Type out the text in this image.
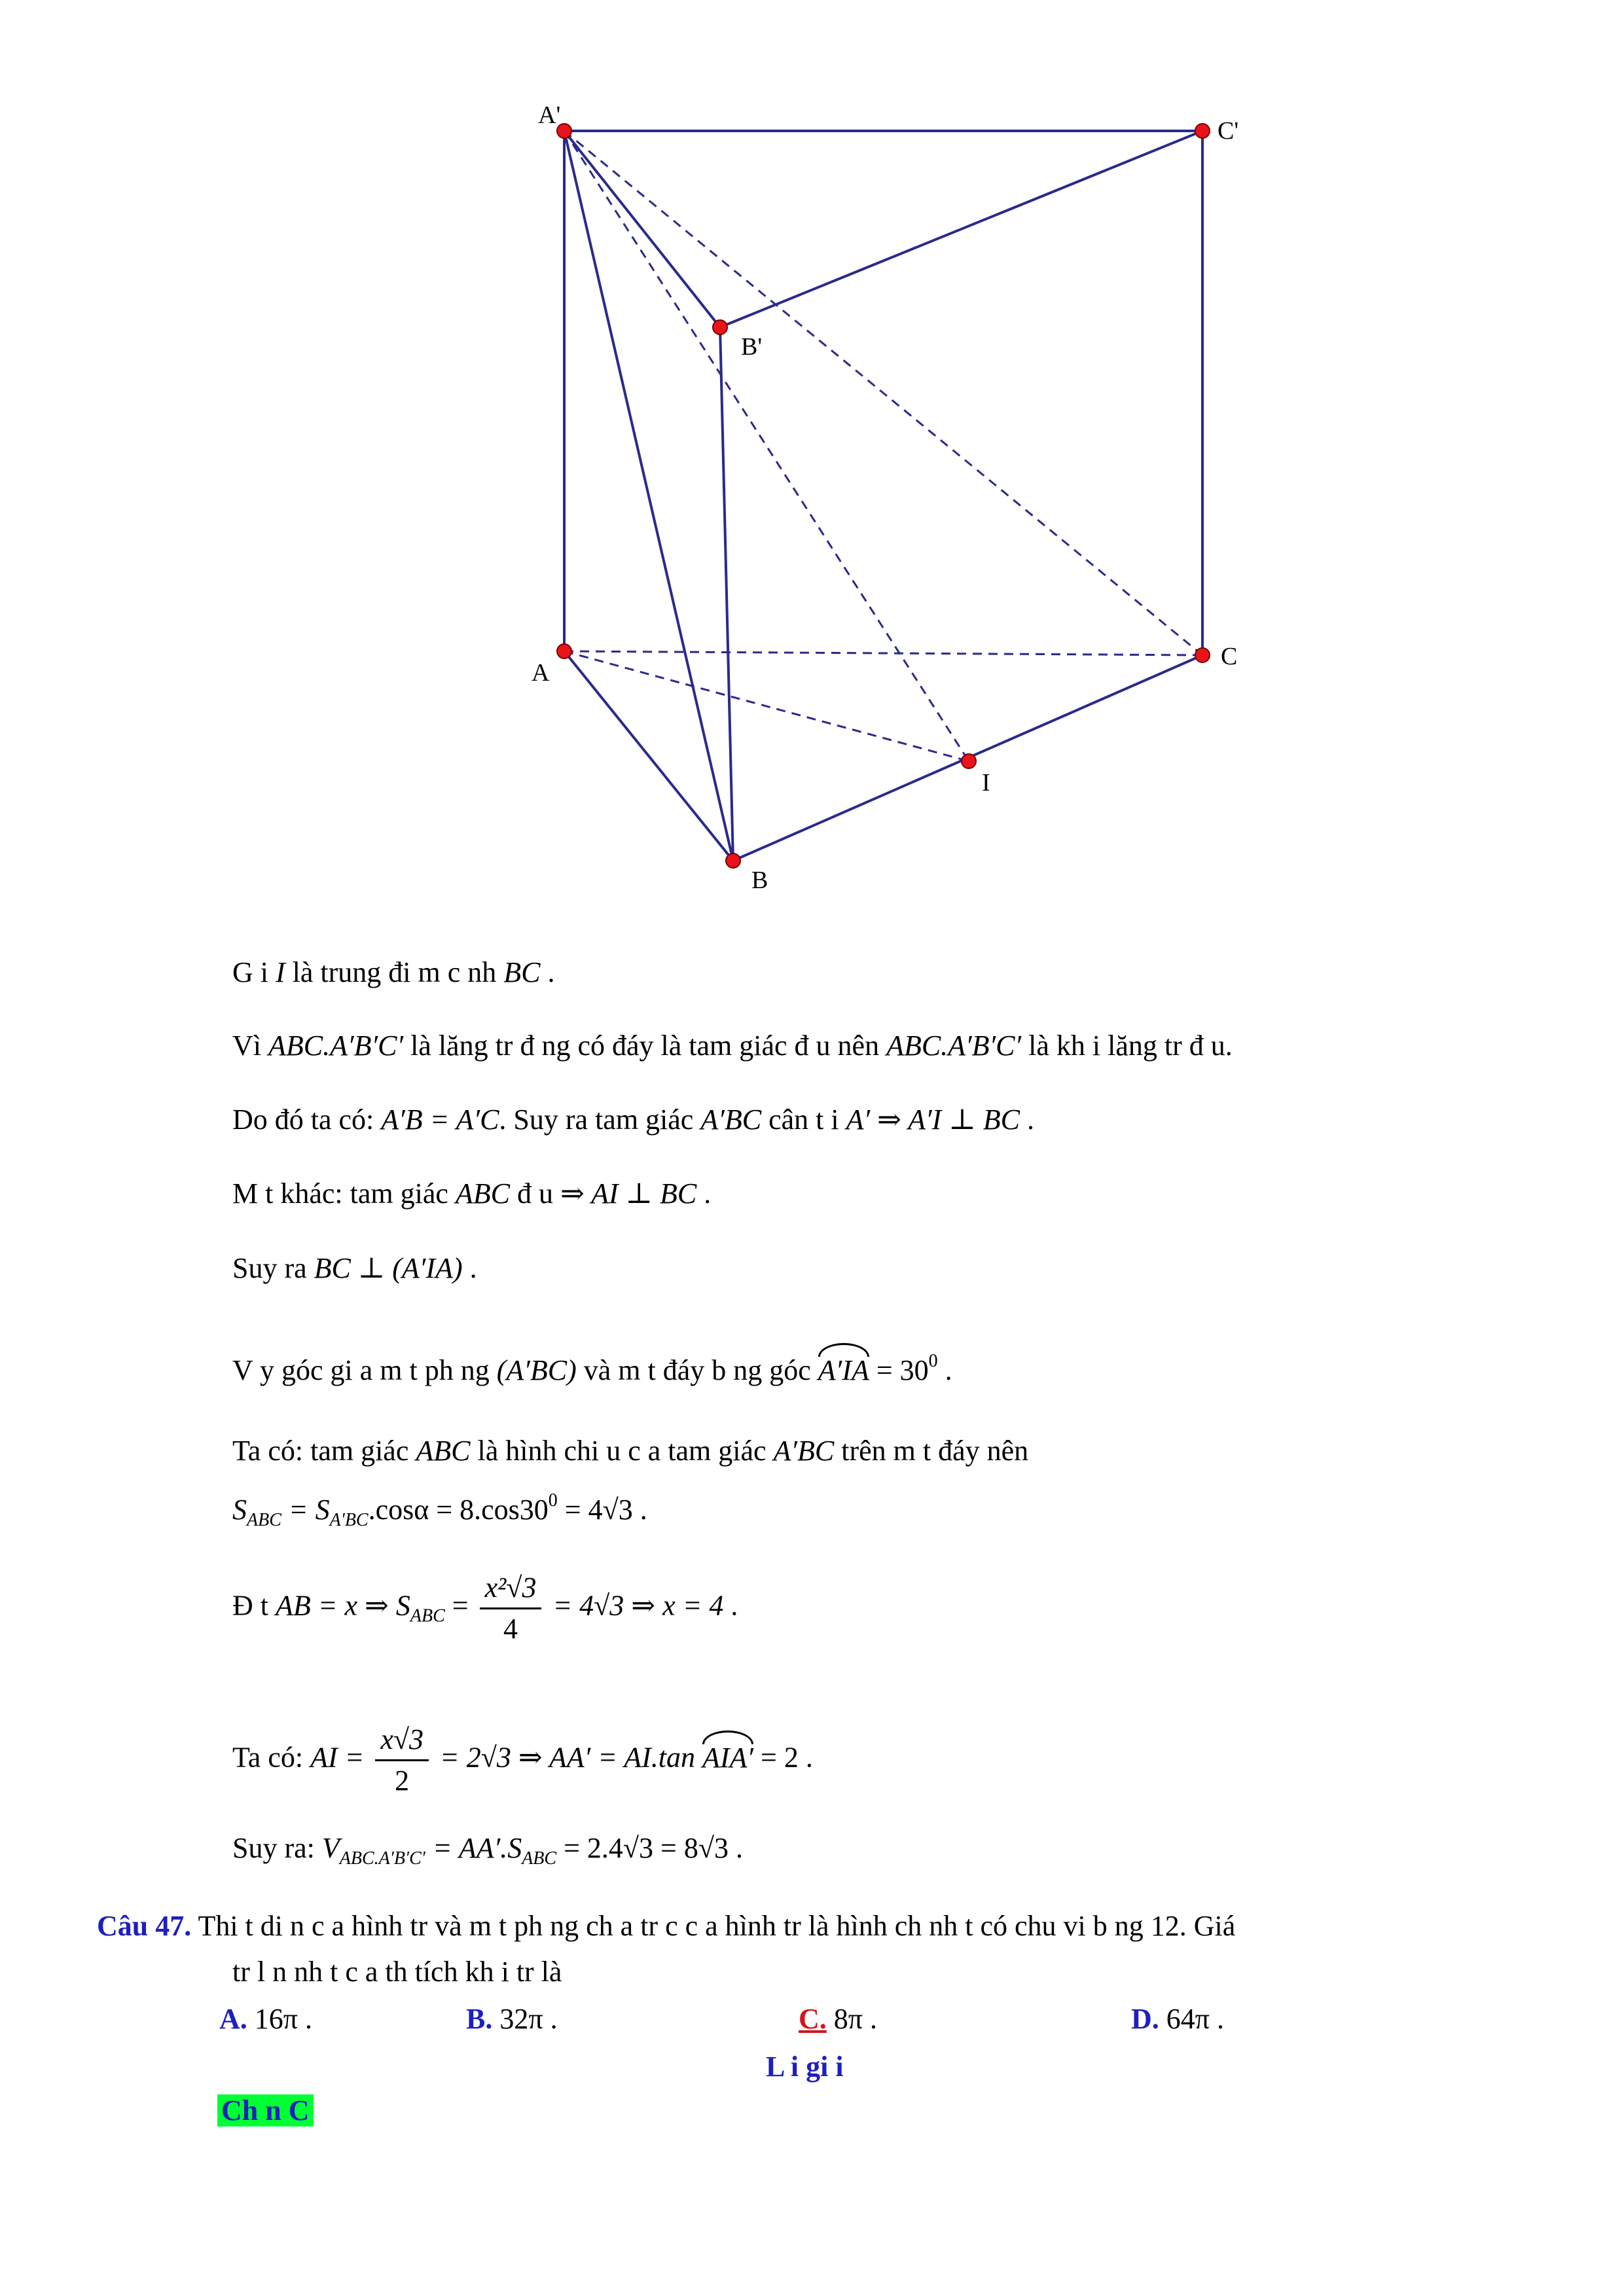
A'
C'
B'
A
C
I
B
G i I là trung đi m c nh BC .
Vì ABC.A′B′C′ là lăng tr đ ng có đáy là tam giác đ u nên ABC.A′B′C′ là kh i lăng tr đ u.
Do đó ta có: A′B = A′C. Suy ra tam giác A′BC cân t i A′ ⇒ A′I ⊥ BC .
M t khác: tam giác ABC đ u ⇒ AI ⊥ BC .
Suy ra BC ⊥ (A′IA) .
V y góc gi a m t ph ng (A′BC) và m t đáy b ng góc $A'IA = 30^0$ .
Ta có: tam giác ABC là hình chi u c a tam giác A′BC trên m t đáy nên
$S_{ABC} = S_{A'BC}.\cos\alpha = 8.\cos 30^0 = 4√3$ .
Đ t AB = x ⇒ $S_{ABC} = \frac{\text{x²√3}}{4} = 4√3$ ⇒ x = 4 .
Ta có: AI = $\frac{x√3}{2} = 2√3$ ⇒ AA′ = AI.tan AIA′ = 2 .
Suy ra: $V_{ABC.A'B'C'} = AA'.S_{ABC} = 2.4√3 = 8√3$ .
Câu 47. Thi t di n c a hình tr và m t ph ng ch a tr c c a hình tr là hình ch nh t có chu vi b ng 12. Giá
tr l n nh t c a th tích kh i tr là
A. 16π .	B. 32π .	C. 8π .	D. 64π .
L i gi i
Ch n C
